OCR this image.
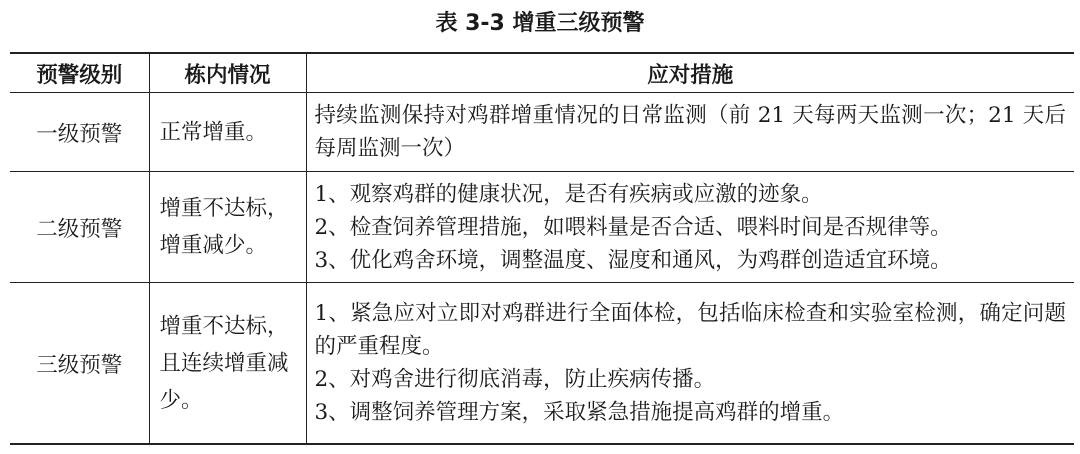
表 3-3 增重三级预警
预警级别	栋内情况	应对措施
一级预警	正常增重。	持续监测保持对鸡群增重情况的日常监测（前 21 天每两天监测一次；21 天后每周监测一次）

二级预警	增重不达标，增重减少。	1、观察鸡群的健康状况，是否有疾病或应激的迹象。
2、检查饲养管理措施，如喂料量是否合适、喂料时间是否规律等。
3、优化鸡舍环境，调整温度、湿度和通风，为鸡群创造适宜环境。

三级预警	增重不达标，且连续增重减少。	1、紧急应对立即对鸡群进行全面体检，包括临床检查和实验室检测，确定问题的严重程度。
2、对鸡舍进行彻底消毒，防止疾病传播。
3、调整饲养管理方案，采取紧急措施提高鸡群的增重。
